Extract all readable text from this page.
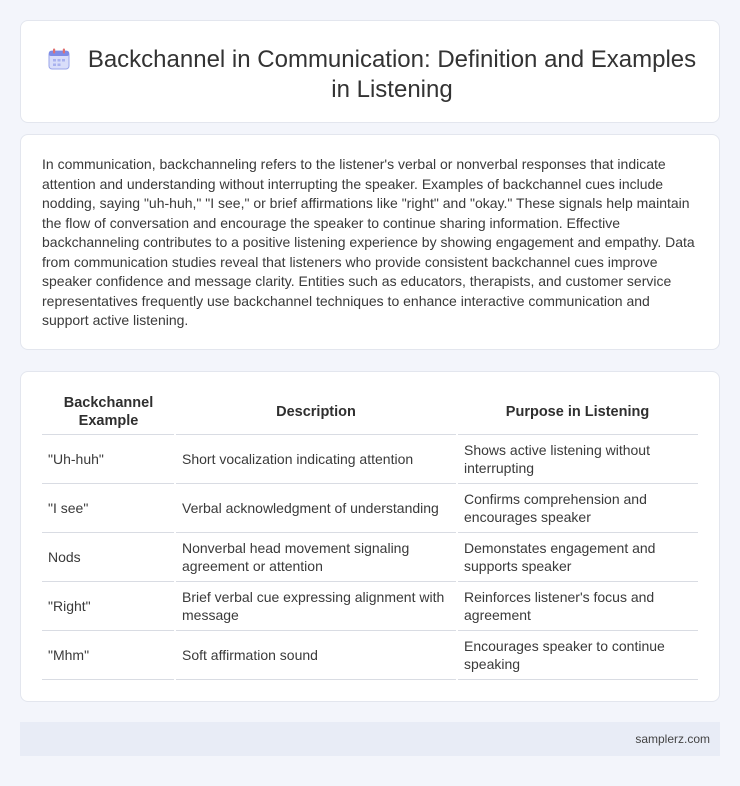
Backchannel in Communication: Definition and Examples in Listening

In communication, backchanneling refers to the listener's verbal or nonverbal responses that indicate attention and understanding without interrupting the speaker. Examples of backchannel cues include nodding, saying "uh-huh," "I see," or brief affirmations like "right" and "okay." These signals help maintain the flow of conversation and encourage the speaker to continue sharing information. Effective backchanneling contributes to a positive listening experience by showing engagement and empathy. Data from communication studies reveal that listeners who provide consistent backchannel cues improve speaker confidence and message clarity. Entities such as educators, therapists, and customer service representatives frequently use backchannel techniques to enhance interactive communication and support active listening.

Backchannel Example	Description	Purpose in Listening
"Uh-huh"	Short vocalization indicating attention	Shows active listening without interrupting
"I see"	Verbal acknowledgment of understanding	Confirms comprehension and encourages speaker
Nods	Nonverbal head movement signaling agreement or attention	Demonstates engagement and supports speaker
"Right"	Brief verbal cue expressing alignment with message	Reinforces listener's focus and agreement
"Mhm"	Soft affirmation sound	Encourages speaker to continue speaking
samplerz.com
